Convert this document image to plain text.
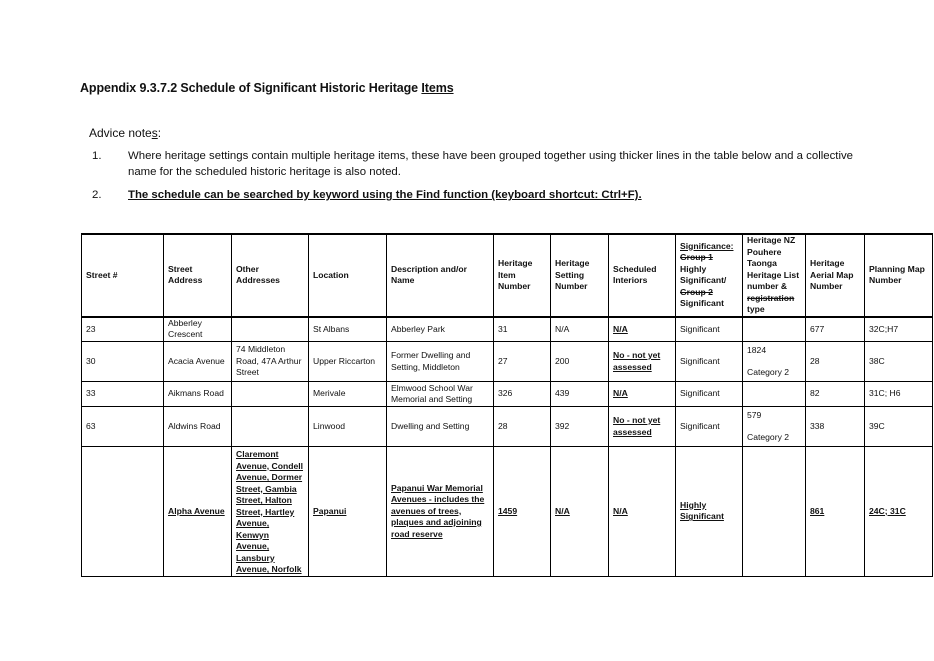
Appendix 9.3.7.2 Schedule of Significant Historic Heritage Items
Advice notes:
1.	Where heritage settings contain multiple heritage items, these have been grouped together using thicker lines in the table below and a collective name for the scheduled historic heritage is also noted.
2.	The schedule can be searched by keyword using the Find function (keyboard shortcut: Ctrl+F).
Street #	Street Address	Other Addresses	Location	Description and/or Name	Heritage Item Number	Heritage Setting Number	Scheduled Interiors	Significance:
Group 1
Highly Significant/
Group 2
Significant	Heritage NZ Pouhere Taonga Heritage List number &
registration
type	Heritage Aerial Map Number	Planning Map Number
23	Abberley Crescent		St Albans	Abberley Park	31	N/A	N/A	Significant		677	32C;H7
30	Acacia Avenue	74 Middleton Road, 47A Arthur Street	Upper Riccarton	Former Dwelling and Setting, Middleton	27	200	No - not yet assessed	Significant	1824
Category 2	28	38C
33	Aikmans Road		Merivale	Elmwood School War Memorial and Setting	326	439	N/A	Significant		82	31C; H6
63	Aldwins Road		Linwood	Dwelling and Setting	28	392	No - not yet assessed	Significant	579
Category 2	338	39C
	Alpha Avenue	Claremont Avenue, Condell Avenue, Dormer Street, Gambia Street, Halton Street, Hartley Avenue, Kenwyn Avenue, Lansbury Avenue, Norfolk	Papanui	Papanui War Memorial Avenues - includes the avenues of trees, plaques and adjoining road reserve	1459	N/A	N/A	Highly Significant		861	24C; 31C
